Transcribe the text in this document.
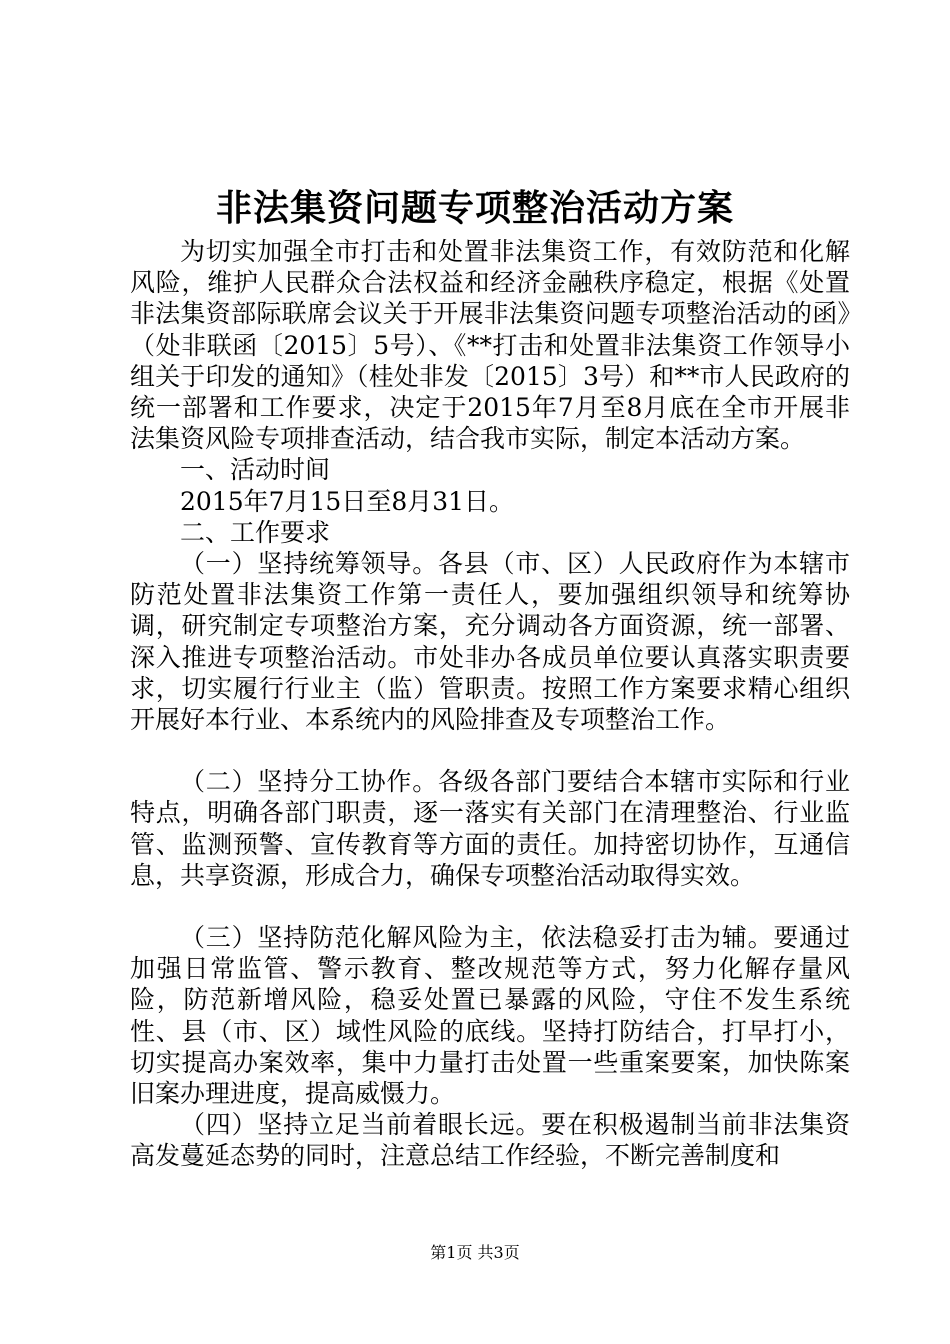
非法集资问题专项整治活动方案

为切实加强全市打击和处置非法集资工作，有效防范和化解风险，维护人民群众合法权益和经济金融秩序稳定，根据《处置非法集资部际联席会议关于开展非法集资问题专项整治活动的函》（处非联函〔2015〕5号）、《**打击和处置非法集资工作领导小组关于印发的通知》（桂处非发〔2015〕3号）和**市人民政府的统一部署和工作要求，决定于2015年7月至8月底在全市开展非法集资风险专项排查活动，结合我市实际，制定本活动方案。

一、活动时间

2015年7月15日至8月31日。

二、工作要求

（一）坚持统筹领导。各县（市、区）人民政府作为本辖市防范处置非法集资工作第一责任人，要加强组织领导和统筹协调，研究制定专项整治方案，充分调动各方面资源，统一部署、深入推进专项整治活动。市处非办各成员单位要认真落实职责要求，切实履行行业主（监）管职责。按照工作方案要求精心组织开展好本行业、本系统内的风险排查及专项整治工作。

（二）坚持分工协作。各级各部门要结合本辖市实际和行业特点，明确各部门职责，逐一落实有关部门在清理整治、行业监管、监测预警、宣传教育等方面的责任。加持密切协作，互通信息，共享资源，形成合力，确保专项整治活动取得实效。

（三）坚持防范化解风险为主，依法稳妥打击为辅。要通过加强日常监管、警示教育、整改规范等方式，努力化解存量风险，防范新增风险，稳妥处置已暴露的风险，守住不发生系统性、县（市、区）域性风险的底线。坚持打防结合，打早打小，切实提高办案效率，集中力量打击处置一些重案要案，加快陈案旧案办理进度，提高威慑力。

（四）坚持立足当前着眼长远。要在积极遏制当前非法集资高发蔓延态势的同时，注意总结工作经验，不断完善制度和

第1页 共3页
